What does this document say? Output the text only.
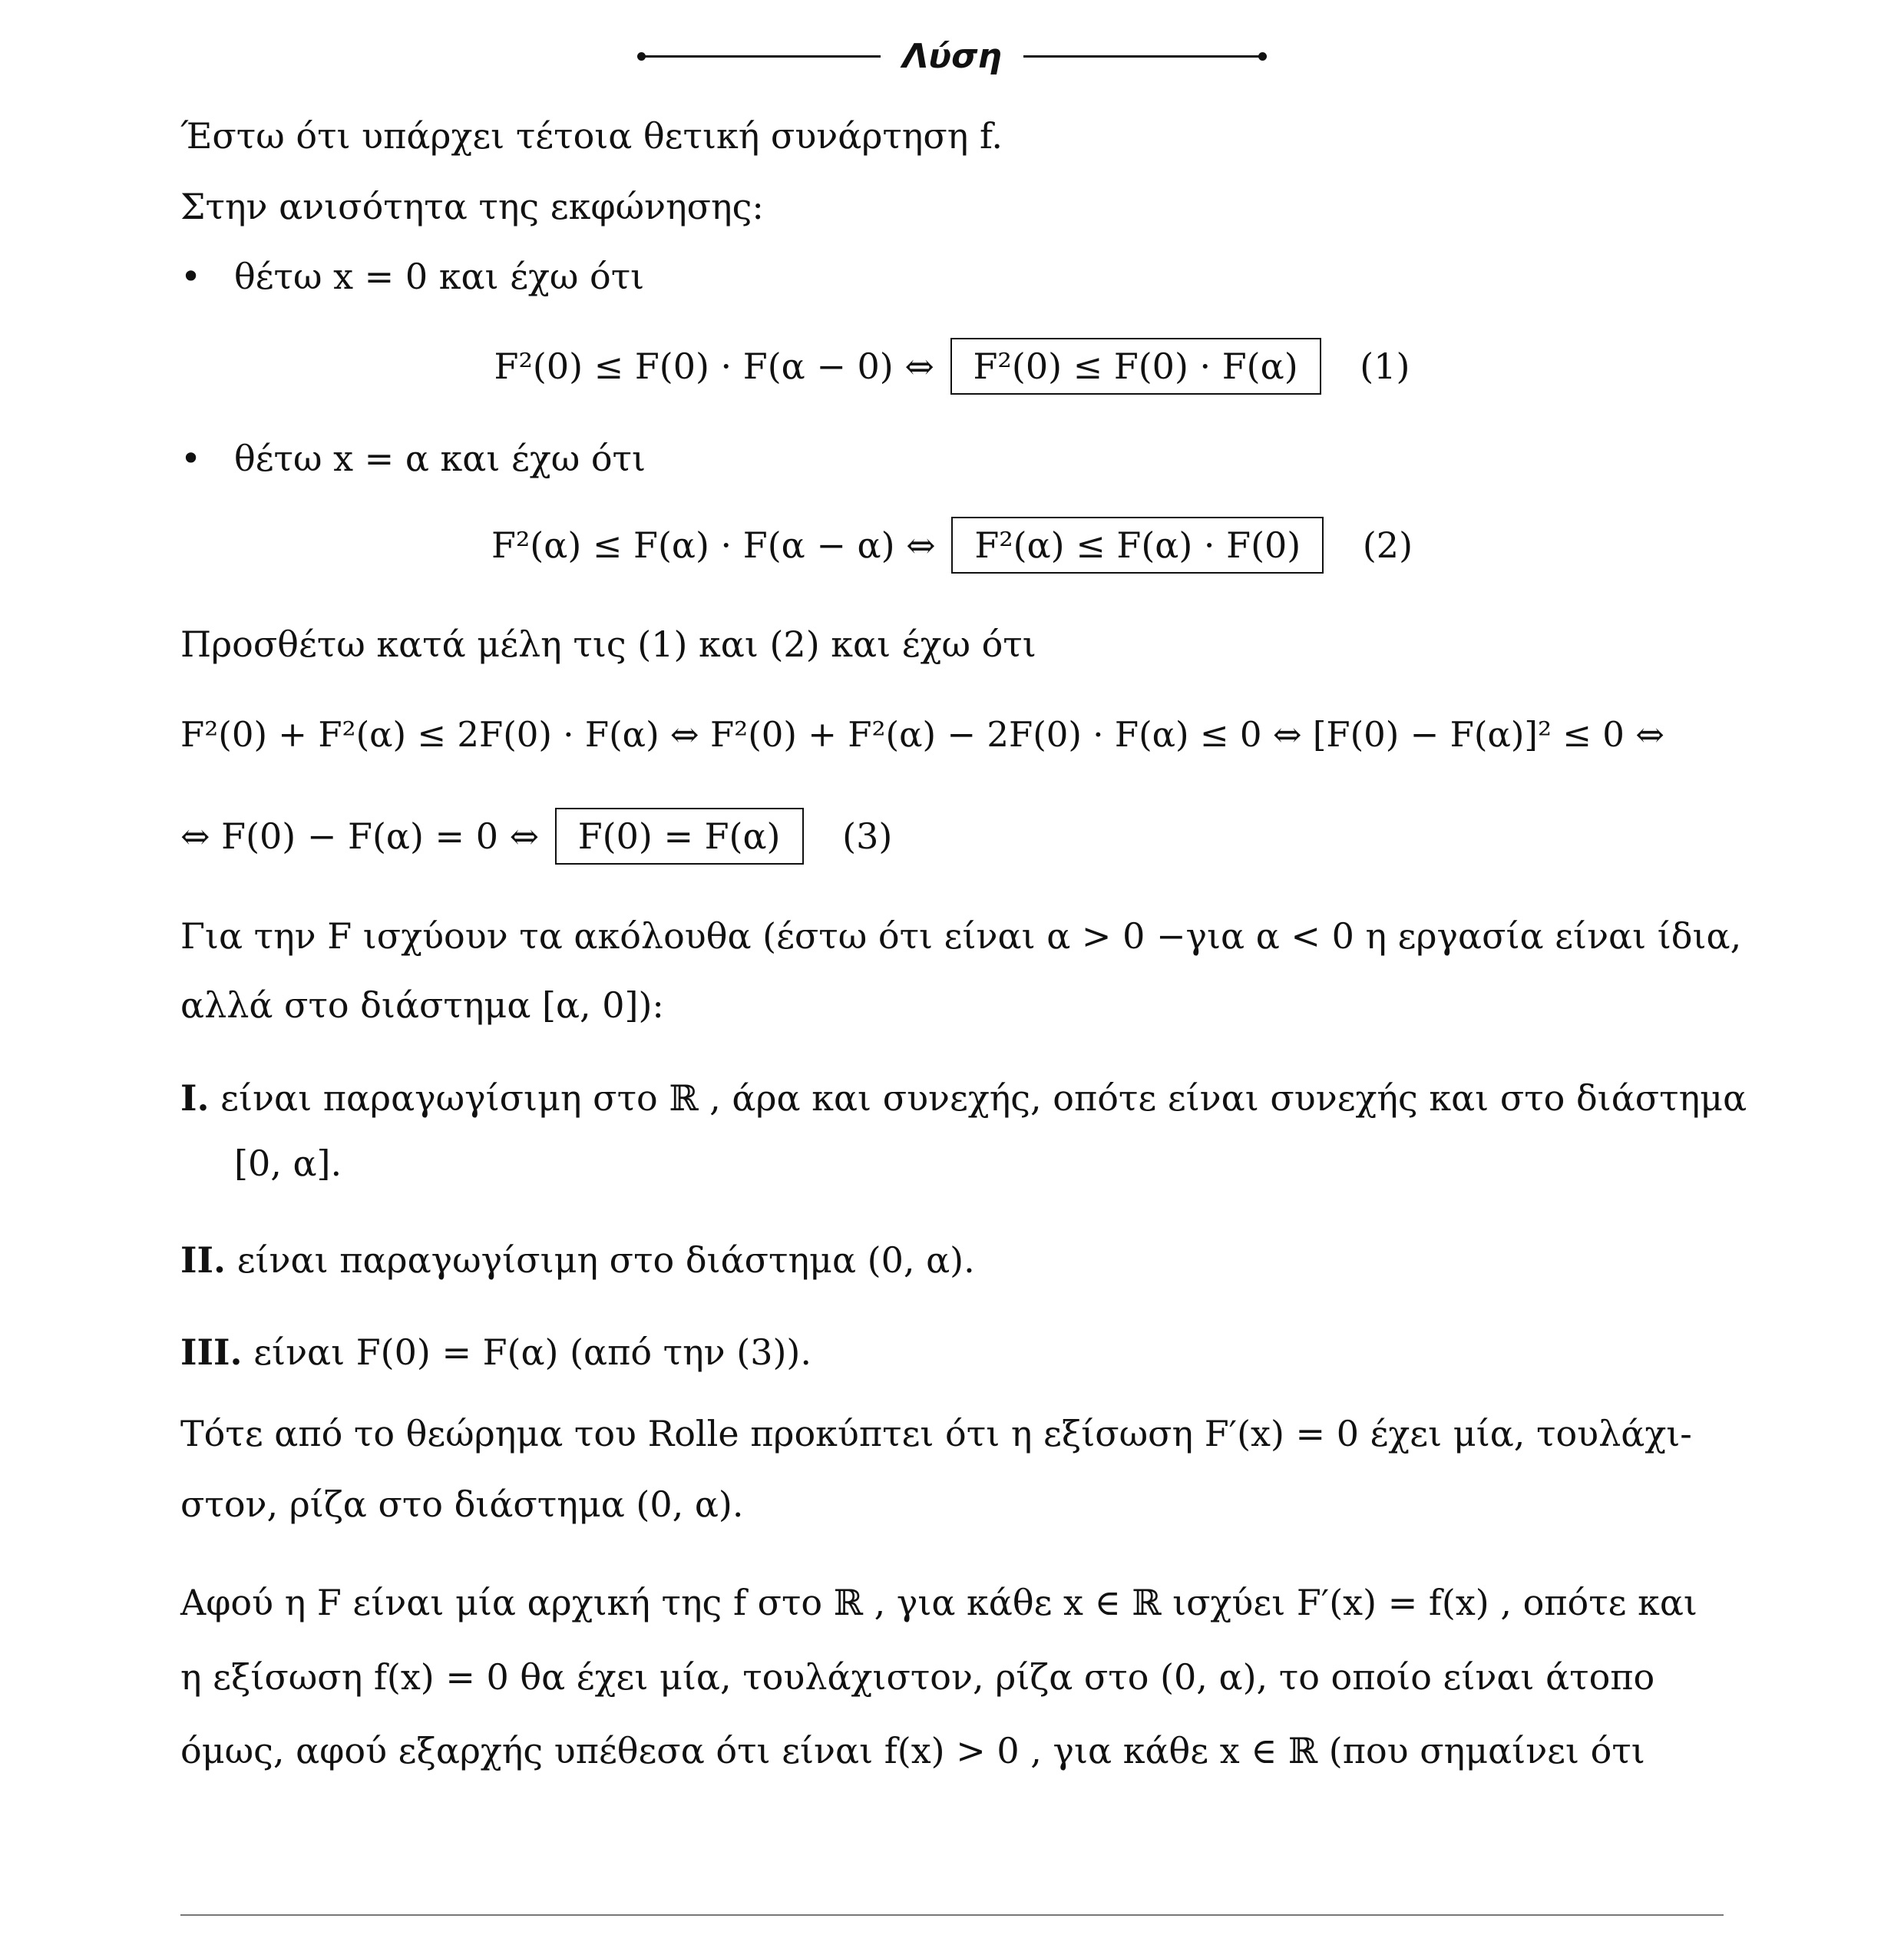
Λύση
Έστω ότι υπάρχει τέτοια θετική συνάρτηση f.
Στην ανισότητα της εκφώνησης:
• θέτω x = 0 και έχω ότι
F²(0) ≤ F(0) · F(α − 0) ⇔ F²(0) ≤ F(0) · F(α) (1)
• θέτω x = α και έχω ότι
F²(α) ≤ F(α) · F(α − α) ⇔ F²(α) ≤ F(α) · F(0) (2)
Προσθέτω κατά μέλη τις (1) και (2) και έχω ότι
F²(0) + F²(α) ≤ 2F(0) · F(α) ⇔ F²(0) + F²(α) − 2F(0) · F(α) ≤ 0 ⇔ [F(0) − F(α)]² ≤ 0 ⇔
⇔ F(0) − F(α) = 0 ⇔ F(0) = F(α) (3)
Για την F ισχύουν τα ακόλουθα (έστω ότι είναι α > 0 −για α < 0 η εργασία είναι ίδια,
αλλά στο διάστημα [α, 0]):
I. είναι παραγωγίσιμη στο ℝ , άρα και συνεχής, οπότε είναι συνεχής και στο διάστημα
[0, α].
II. είναι παραγωγίσιμη στο διάστημα (0, α).
III. είναι F(0) = F(α) (από την (3)).
Τότε από το θεώρημα του Rolle προκύπτει ότι η εξίσωση F′(x) = 0 έχει μία, τουλάχι-
στον, ρίζα στο διάστημα (0, α).
Αφού η F είναι μία αρχική της f στο ℝ , για κάθε x ∈ ℝ ισχύει F′(x) = f(x) , οπότε και
η εξίσωση f(x) = 0 θα έχει μία, τουλάχιστον, ρίζα στο (0, α), το οποίο είναι άτοπο
όμως, αφού εξαρχής υπέθεσα ότι είναι f(x) > 0 , για κάθε x ∈ ℝ (που σημαίνει ότι
